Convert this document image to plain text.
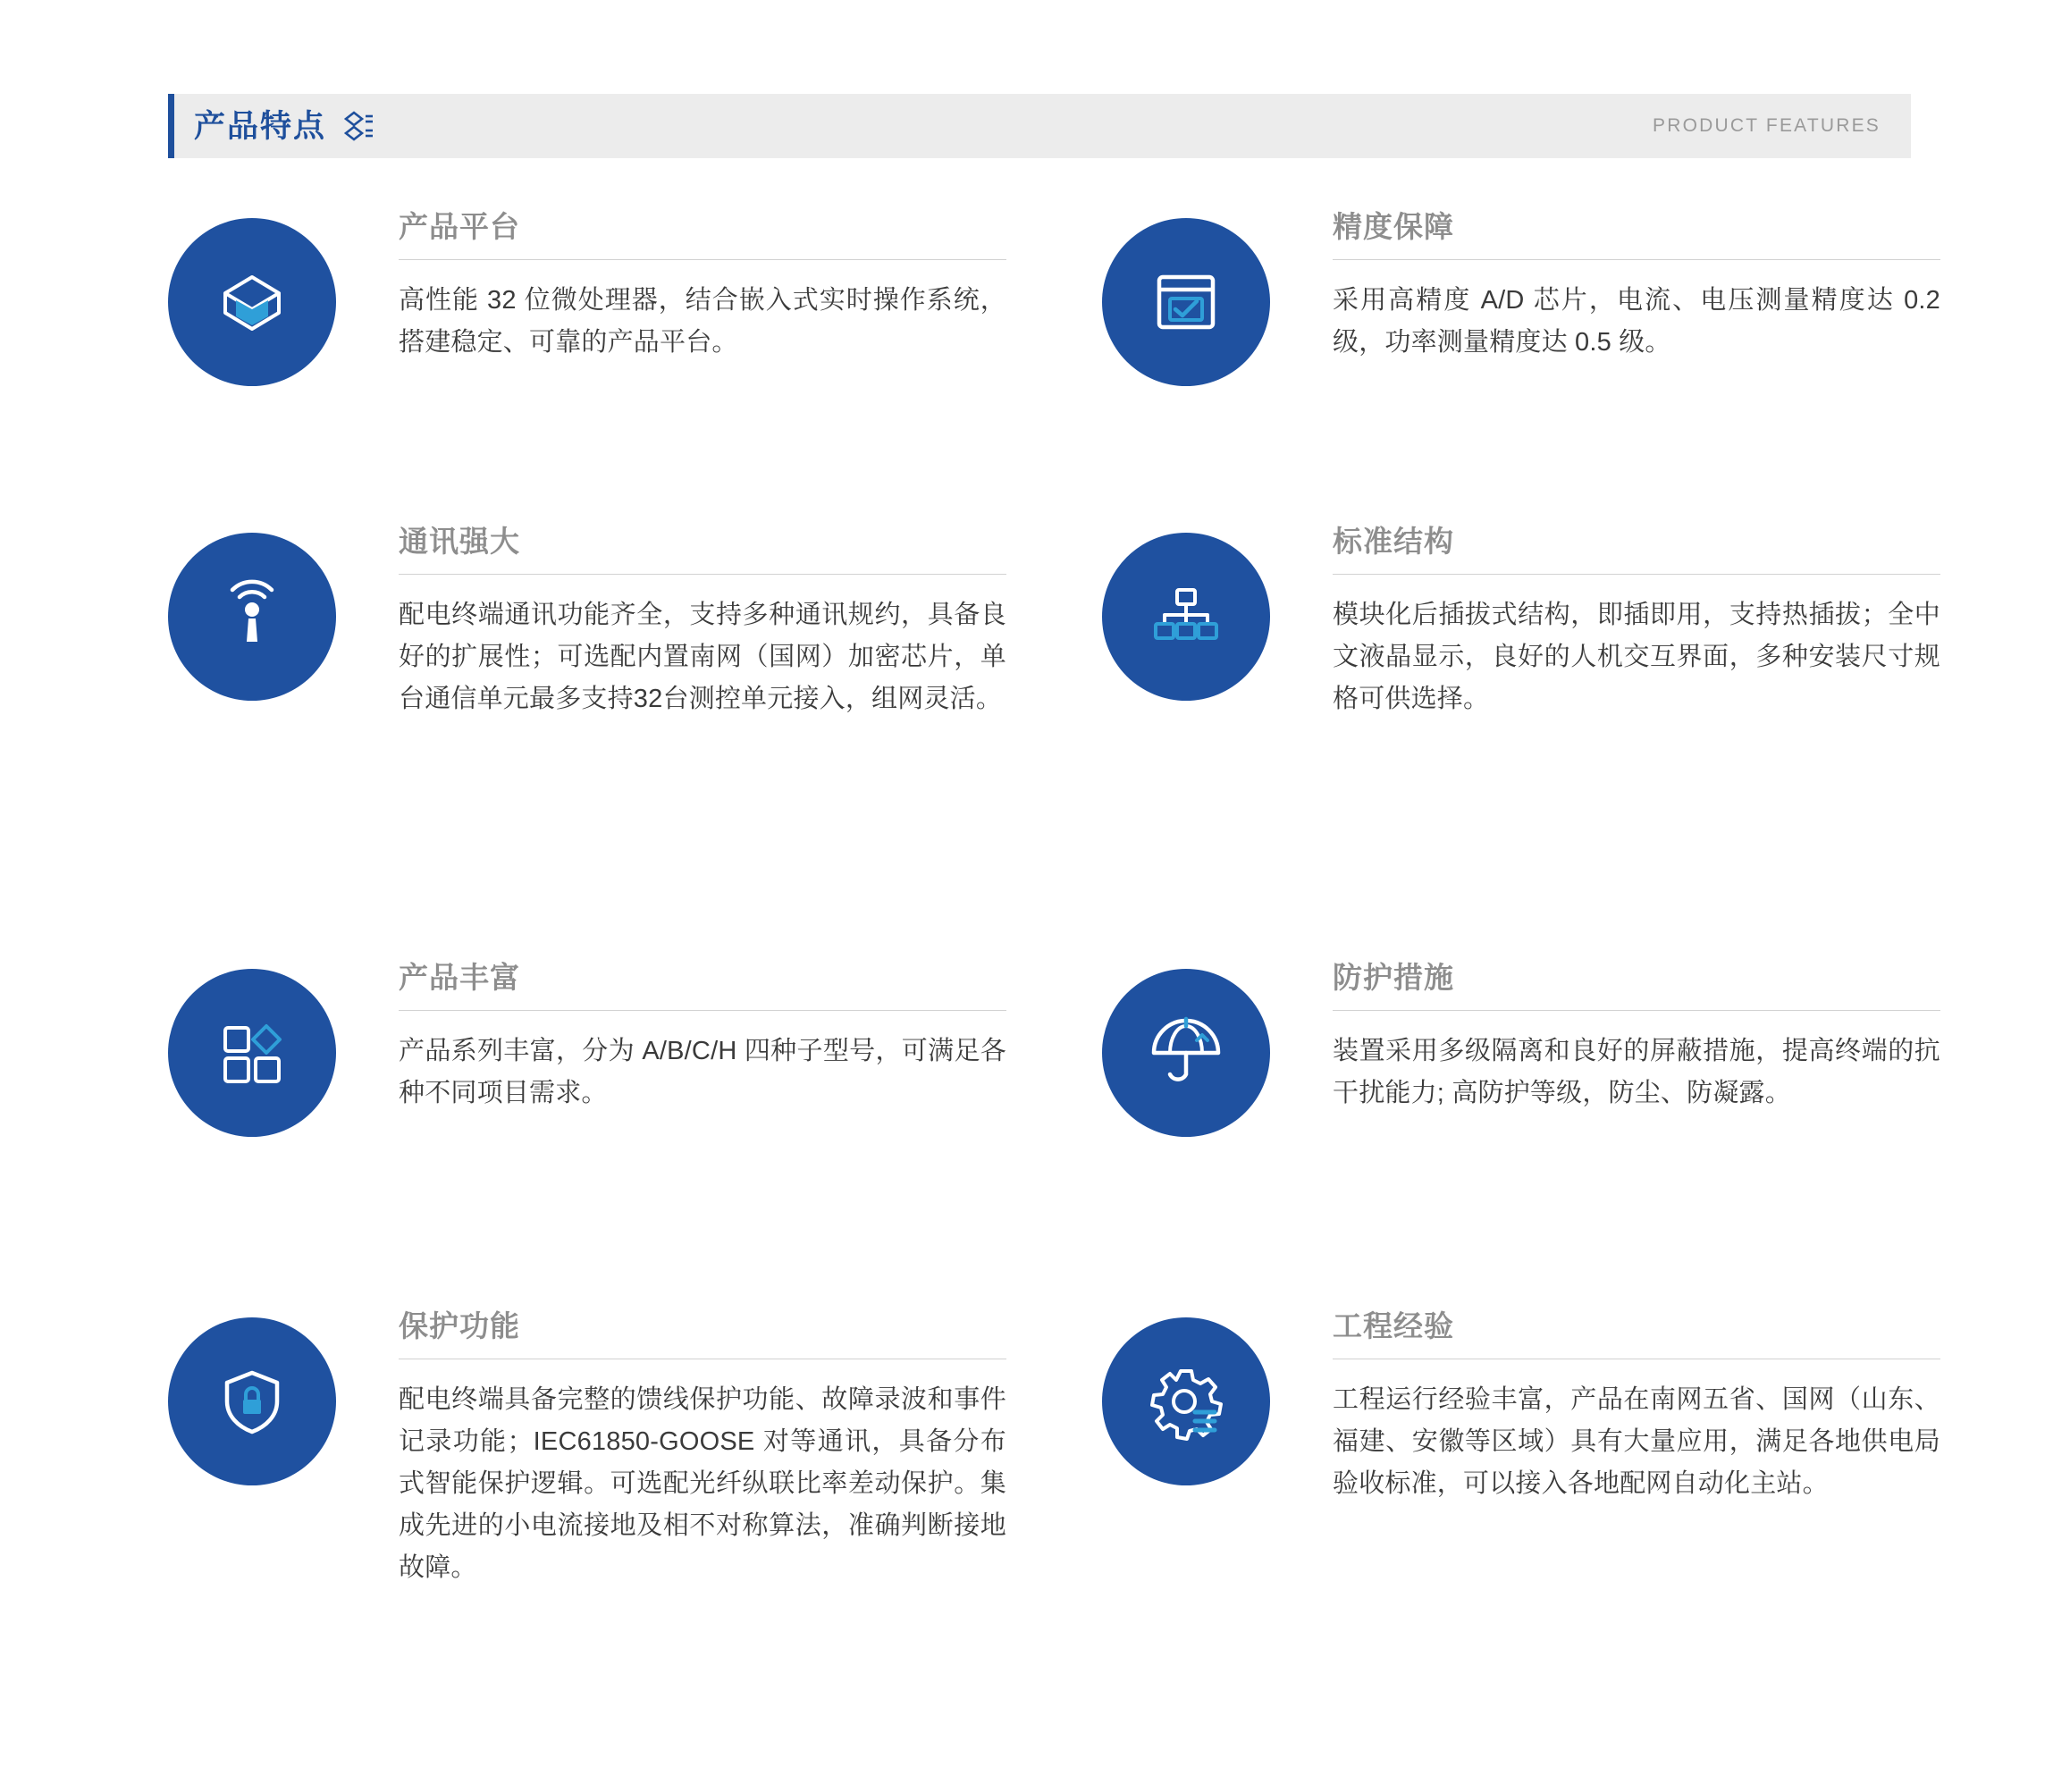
产品特点	PRODUCT FEATURES
产品平台
高性能 32 位微处理器，结合嵌入式实时操作系统，搭建稳定、可靠的产品平台。
通讯强大
配电终端通讯功能齐全，支持多种通讯规约，具备良好的扩展性；可选配内置南网（国网）加密芯片，单台通信单元最多支持32台测控单元接入，组网灵活。
产品丰富
产品系列丰富，分为 A/B/C/H 四种子型号，可满足各种不同项目需求。
保护功能
配电终端具备完整的馈线保护功能、故障录波和事件记录功能；IEC61850-GOOSE 对等通讯，具备分布式智能保护逻辑。可选配光纤纵联比率差动保护。集成先进的小电流接地及相不对称算法，准确判断接地故障。
精度保障
采用高精度 A/D 芯片，电流、电压测量精度达 0.2 级，功率测量精度达 0.5 级。
标准结构
模块化后插拔式结构，即插即用，支持热插拔；全中文液晶显示，良好的人机交互界面，多种安装尺寸规格可供选择。
防护措施
装置采用多级隔离和良好的屏蔽措施，提高终端的抗干扰能力; 高防护等级，防尘、防凝露。
工程经验
工程运行经验丰富，产品在南网五省、国网（山东、福建、安徽等区域）具有大量应用，满足各地供电局验收标准，可以接入各地配网自动化主站。
